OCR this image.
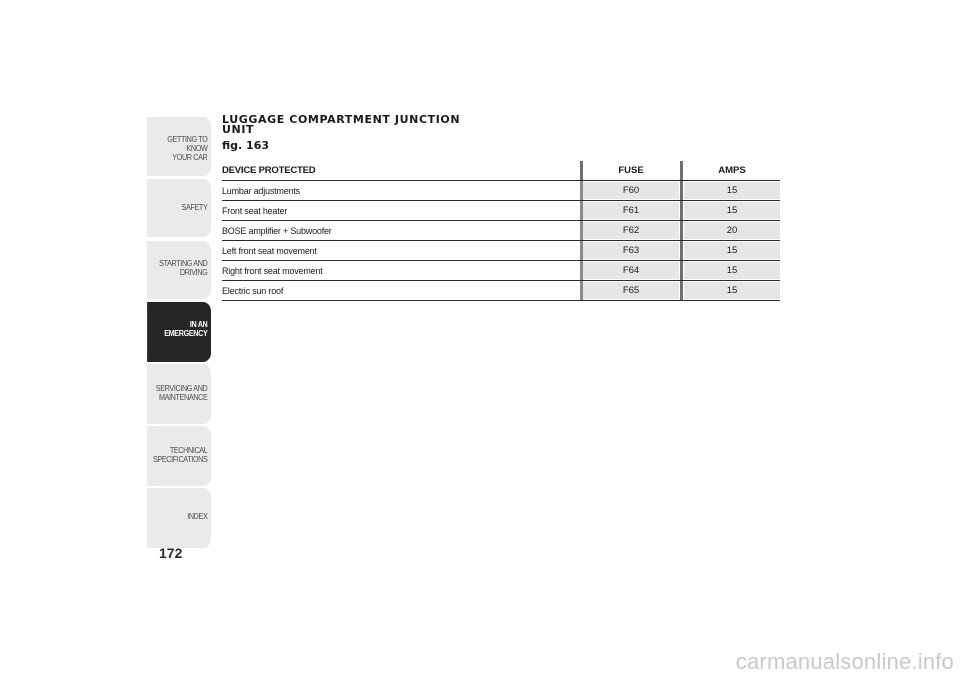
GETTING TO KNOW
YOUR CAR
SAFETY
STARTING AND
DRIVING
IN AN
EMERGENCY
SERVICING AND
MAINTENANCE
TECHNICAL
SPECIFICATIONS
INDEX
172
LUGGAGE COMPARTMENT JUNCTION
UNIT
fig. 163
DEVICE PROTECTED	FUSE	AMPS
Lumbar adjustments	F60	15
Front seat heater	F61	15
BOSE amplifier + Subwoofer	F62	20
Left front seat movement	F63	15
Right front seat movement	F64	15
Electric sun roof	F65	15
carmanualsonline.info
